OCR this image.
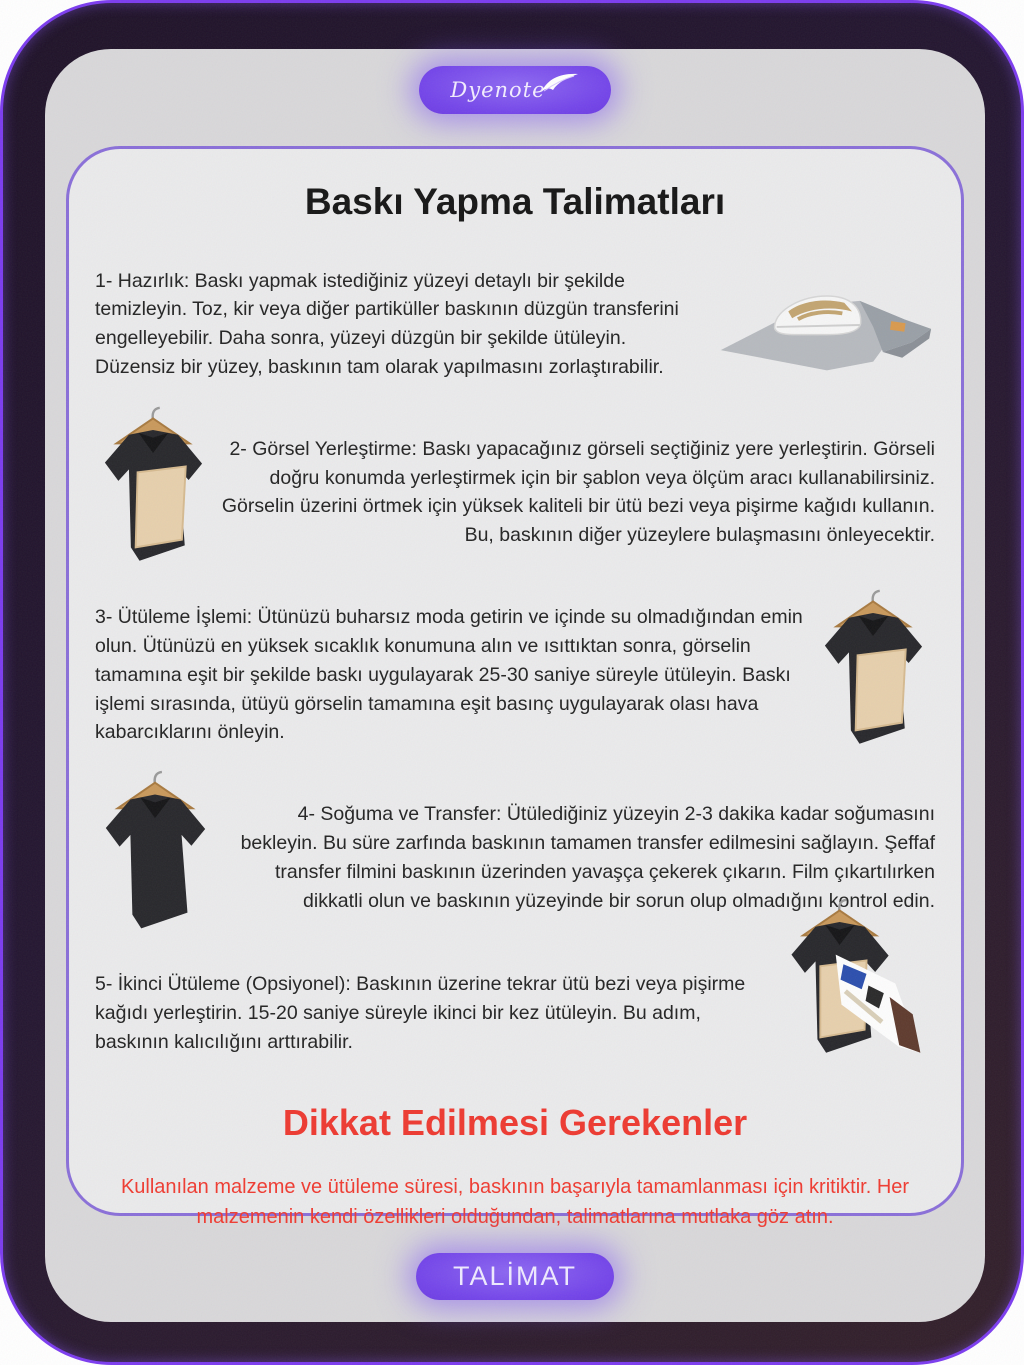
Dyenote
Baskı Yapma Talimatları

1- Hazırlık: Baskı yapmak istediğiniz yüzeyi detaylı bir şekilde temizleyin. Toz, kir veya diğer partiküller baskının düzgün transferini engelleyebilir. Daha sonra, yüzeyi düzgün bir şekilde ütüleyin. Düzensiz bir yüzey, baskının tam olarak yapılmasını zorlaştırabilir.

2- Görsel Yerleştirme: Baskı yapacağınız görseli seçtiğiniz yere yerleştirin. Görseli doğru konumda yerleştirmek için bir şablon veya ölçüm aracı kullanabilirsiniz. Görselin üzerini örtmek için yüksek kaliteli bir ütü bezi veya pişirme kağıdı kullanın. Bu, baskının diğer yüzeylere bulaşmasını önleyecektir.

3- Ütüleme İşlemi: Ütünüzü buharsız moda getirin ve içinde su olmadığından emin olun. Ütünüzü en yüksek sıcaklık konumuna alın ve ısıttıktan sonra, görselin tamamına eşit bir şekilde baskı uygulayarak 25-30 saniye süreyle ütüleyin. Baskı işlemi sırasında, ütüyü görselin tamamına eşit basınç uygulayarak olası hava kabarcıklarını önleyin.

4- Soğuma ve Transfer: Ütülediğiniz yüzeyin 2-3 dakika kadar soğumasını bekleyin. Bu süre zarfında baskının tamamen transfer edilmesini sağlayın. Şeffaf transfer filmini baskının üzerinden yavaşça çekerek çıkarın. Film çıkartılırken dikkatli olun ve baskının yüzeyinde bir sorun olup olmadığını kontrol edin.

5- İkinci Ütüleme (Opsiyonel): Baskının üzerine tekrar ütü bezi veya pişirme kağıdı yerleştirin. 15-20 saniye süreyle ikinci bir kez ütüleyin. Bu adım, baskının kalıcılığını arttırabilir.

Dikkat Edilmesi Gerekenler

Kullanılan malzeme ve ütüleme süresi, baskının başarıyla tamamlanması için kritiktir. Her malzemenin kendi özellikleri olduğundan, talimatlarına mutlaka göz atın.

TALİMAT
